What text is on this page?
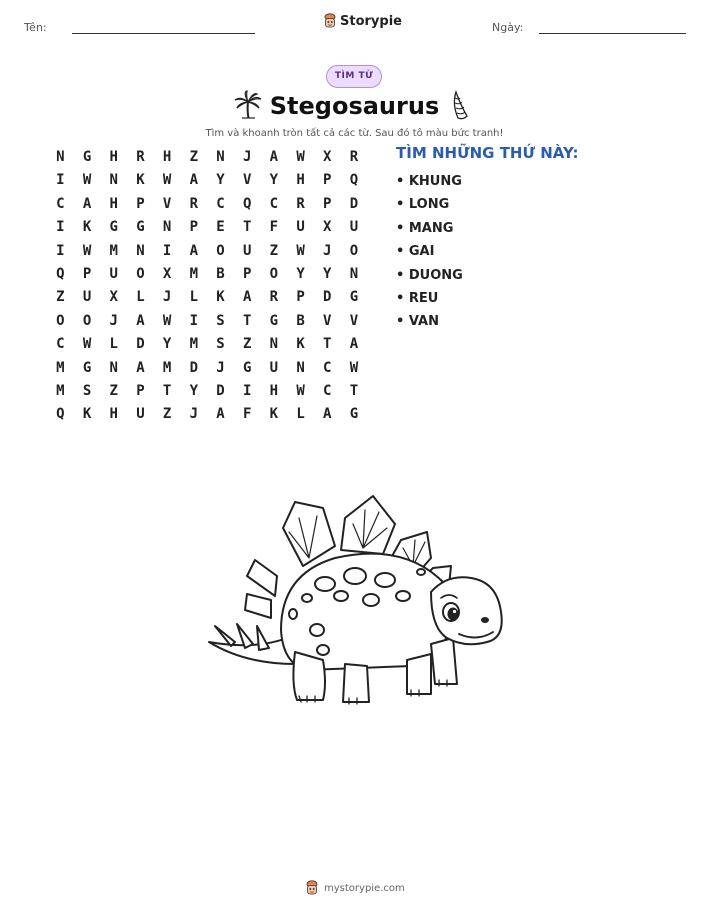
Tên:	Storypie	Ngày:
TÌM TỪ
Stegosaurus
Tìm và khoanh tròn tất cả các từ. Sau đó tô màu bức tranh!
N	G	H	R	H	Z	N	J	A	W	X	R
I	W	N	K	W	A	Y	V	Y	H	P	Q
C	A	H	P	V	R	C	Q	C	R	P	D
I	K	G	G	N	P	E	T	F	U	X	U
I	W	M	N	I	A	O	U	Z	W	J	O
Q	P	U	O	X	M	B	P	O	Y	Y	N
Z	U	X	L	J	L	K	A	R	P	D	G
O	O	J	A	W	I	S	T	G	B	V	V
C	W	L	D	Y	M	S	Z	N	K	T	A
M	G	N	A	M	D	J	G	U	N	C	W
M	S	Z	P	T	Y	D	I	H	W	C	T
Q	K	H	U	Z	J	A	F	K	L	A	G
TÌM NHỮNG THỨ NÀY:
• KHUNG
• LONG
• MANG
• GAI
• DUONG
• REU
• VAN
mystorypie.com
